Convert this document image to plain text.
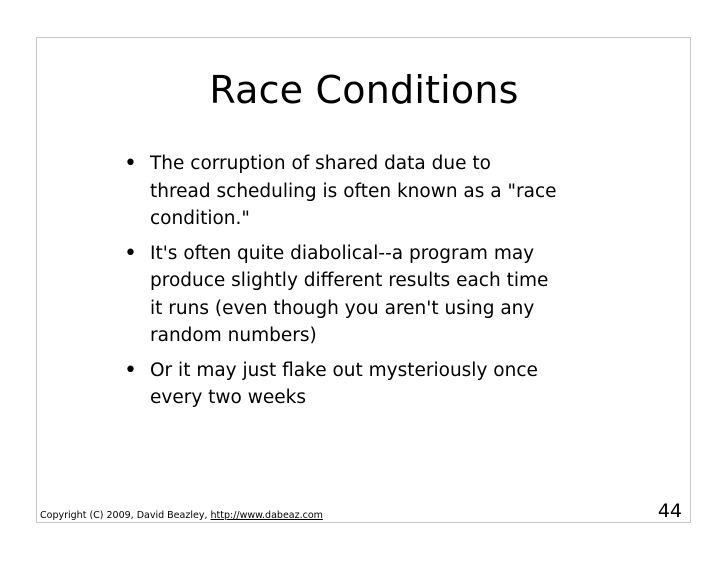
Race Conditions
• The corruption of shared data due to
thread scheduling is often known as a "race
condition."
• It's often quite diabolical--a program may
produce slightly different results each time
it runs (even though you aren't using any
random numbers)
• Or it may just flake out mysteriously once
every two weeks
Copyright (C) 2009, David Beazley, http://www.dabeaz.com	44
